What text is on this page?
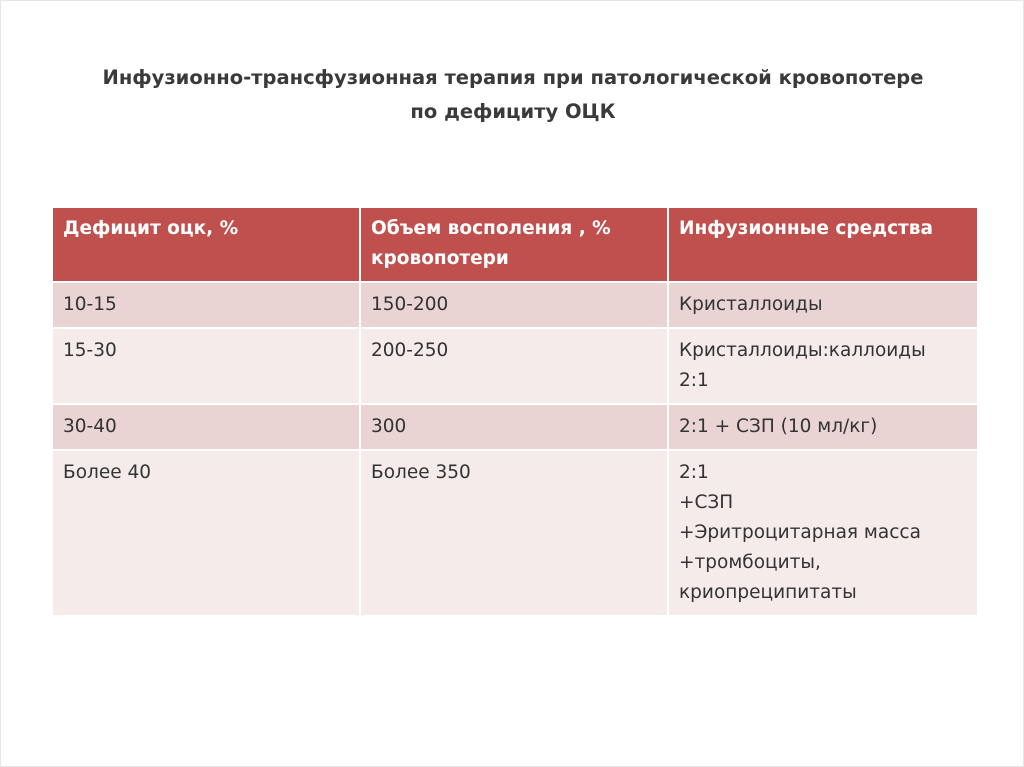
Инфузионно-трансфузионная терапия при патологической кровопотере
по дефициту ОЦК
Дефицит оцк, %	Объем восполения , % кровопотери	Инфузионные средства
10-15	150-200	Кристаллоиды

15-30	200-250	Кристаллоиды:каллоиды
2:1

30-40	300	2:1 + СЗП (10 мл/кг)

Более 40	Более 350	2:1
+СЗП
+Эритроцитарная масса
+тромбоциты,
криопреципитаты
